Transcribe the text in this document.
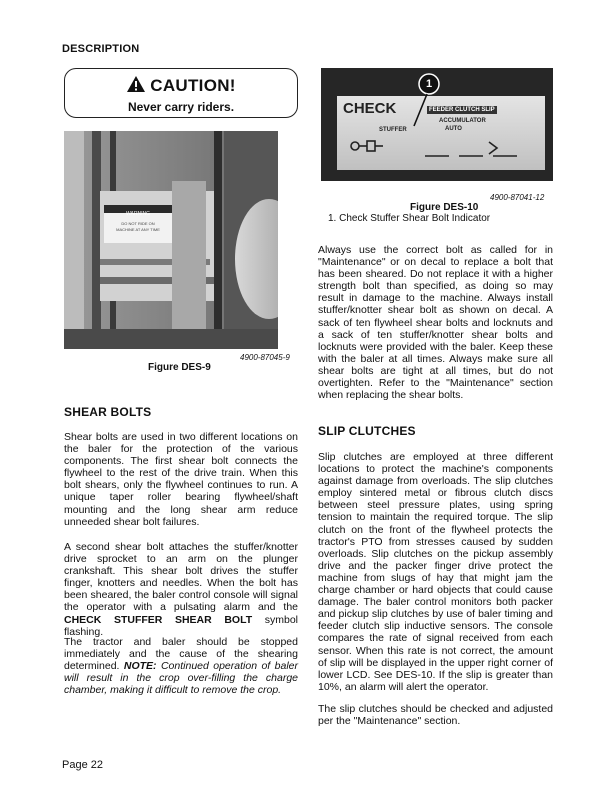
DESCRIPTION
CAUTION!
Never carry riders.
WARNING
DO NOT RIDE ON
MACHINE AT ANY TIME
4900-87045-9
Figure DES-9
CHECK	FEEDER CLUTCH SLIP
ACCUMULATOR
AUTO
STUFFER
1
4900-87041-12
Figure DES-10
1. Check Stuffer Shear Bolt Indicator
SHEAR BOLTS
Shear bolts are used in two different locations on the baler for the protection of the various components. The first shear bolt connects the flywheel to the rest of the drive train. When this bolt shears, only the flywheel continues to run. A unique taper roller bearing flywheel/shaft mounting and the long shear arm reduce unneeded shear bolt failures.
A second shear bolt attaches the stuffer/knotter drive sprocket to an arm on the plunger crankshaft. This shear bolt drives the stuffer finger, knotters and needles. When the bolt has been sheared, the baler control console will signal the operator with a pulsating alarm and the CHECK STUFFER SHEAR BOLT symbol flashing.
The tractor and baler should be stopped immediately and the cause of the shearing determined. NOTE: Continued operation of baler will result in the crop over-filling the charge chamber, making it difficult to remove the crop.
Always use the correct bolt as called for in "Maintenance" or on decal to replace a bolt that has been sheared. Do not replace it with a higher strength bolt than specified, as doing so may result in damage to the machine. Always install stuffer/knotter shear bolt as shown on decal. A sack of ten flywheel shear bolts and locknuts and a sack of ten stuffer/knotter shear bolts and locknuts were provided with the baler. Keep these with the baler at all times. Always make sure all shear bolts are tight at all times, but do not overtighten. Refer to the "Maintenance" section when replacing the shear bolts.
SLIP CLUTCHES
Slip clutches are employed at three different locations to protect the machine's components against damage from overloads. The slip clutches employ sintered metal or fibrous clutch discs between steel pressure plates, using spring tension to maintain the required torque. The slip clutch on the front of the flywheel protects the tractor's PTO from stresses caused by sudden overloads. Slip clutches on the pickup assembly drive and the packer finger drive protect the machine from slugs of hay that might jam the charge chamber or hard objects that could cause damage. The baler control monitors both packer and pickup slip clutches by use of baler timing and feeder clutch slip inductive sensors. The console compares the rate of signal received from each sensor. When this rate is not correct, the amount of slip will be displayed in the upper right corner of lower LCD. See DES-10. If the slip is greater than 10%, an alarm will alert the operator.
The slip clutches should be checked and adjusted per the "Maintenance" section.
Page 22
